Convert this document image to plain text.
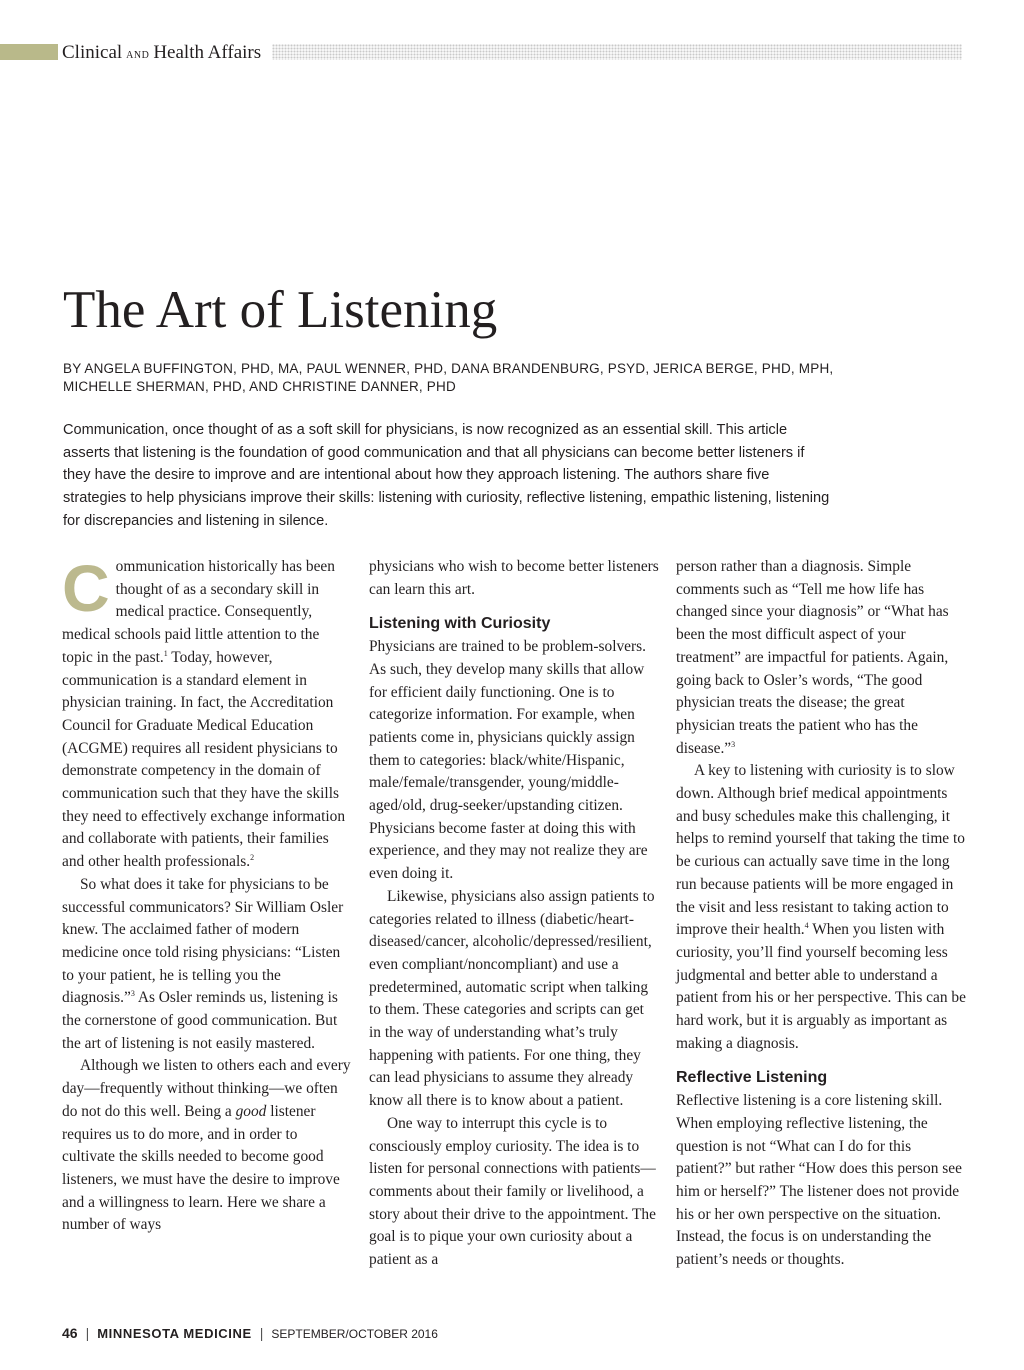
Clinical AND Health Affairs
The Art of Listening
BY ANGELA BUFFINGTON, PHD, MA, PAUL WENNER, PHD, DANA BRANDENBURG, PSYD, JERICA BERGE, PHD, MPH,
MICHELLE SHERMAN, PHD, AND CHRISTINE DANNER, PHD
Communication, once thought of as a soft skill for physicians, is now recognized as an essential skill. This article asserts that listening is the foundation of good communication and that all physicians can become better listeners if they have the desire to improve and are intentional about how they approach listening. The authors share five strategies to help physicians improve their skills: listening with curiosity, reflective listening, empathic listening, listening for discrepancies and listening in silence.

Communication historically has been thought of as a secondary skill in medical practice. Consequently, medical schools paid little attention to the topic in the past.$^1$ Today, however, communication is a standard element in physician training. In fact, the Accreditation Council for Graduate Medical Education (ACGME) requires all resident physicians to demonstrate competency in the domain of communication such that they have the skills they need to effectively exchange information and collaborate with patients, their families and other health professionals.$^2$

So what does it take for physicians to be successful communicators? Sir William Osler knew. The acclaimed father of modern medicine once told rising physicians: “Listen to your patient, he is telling you the diagnosis.”$^3$ As Osler reminds us, listening is the cornerstone of good communication. But the art of listening is not easily mastered.

Although we listen to others each and every day—frequently without thinking—we often do not do this well. Being a good listener requires us to do more, and in order to cultivate the skills needed to become good listeners, we must have the desire to improve and a willingness to learn. Here we share a number of ways

physicians who wish to become better listeners can learn this art.

Listening with Curiosity

Physicians are trained to be problem-solvers. As such, they develop many skills that allow for efficient daily functioning. One is to categorize information. For example, when patients come in, physicians quickly assign them to categories: black/white/Hispanic, male/female/transgender, young/middle-aged/old, drug-seeker/upstanding citizen. Physicians become faster at doing this with experience, and they may not realize they are even doing it.

Likewise, physicians also assign patients to categories related to illness (diabetic/heart-diseased/cancer, alcoholic/depressed/resilient, even compliant/noncompliant) and use a predetermined, automatic script when talking to them. These categories and scripts can get in the way of understanding what’s truly happening with patients. For one thing, they can lead physicians to assume they already know all there is to know about a patient.

One way to interrupt this cycle is to consciously employ curiosity. The idea is to listen for personal connections with patients—comments about their family or livelihood, a story about their drive to the appointment. The goal is to pique your own curiosity about a patient as a

person rather than a diagnosis. Simple comments such as “Tell me how life has changed since your diagnosis” or “What has been the most difficult aspect of your treatment” are impactful for patients. Again, going back to Osler’s words, “The good physician treats the disease; the great physician treats the patient who has the disease.”$^3$

A key to listening with curiosity is to slow down. Although brief medical appointments and busy schedules make this challenging, it helps to remind yourself that taking the time to be curious can actually save time in the long run because patients will be more engaged in the visit and less resistant to taking action to improve their health.$^4$ When you listen with curiosity, you’ll find yourself becoming less judgmental and better able to understand a patient from his or her perspective. This can be hard work, but it is arguably as important as making a diagnosis.

Reflective Listening

Reflective listening is a core listening skill. When employing reflective listening, the question is not “What can I do for this patient?” but rather “How does this person see him or herself?” The listener does not provide his or her own perspective on the situation. Instead, the focus is on understanding the patient’s needs or thoughts.

46 | MINNESOTA MEDICINE | SEPTEMBER/OCTOBER 2016
